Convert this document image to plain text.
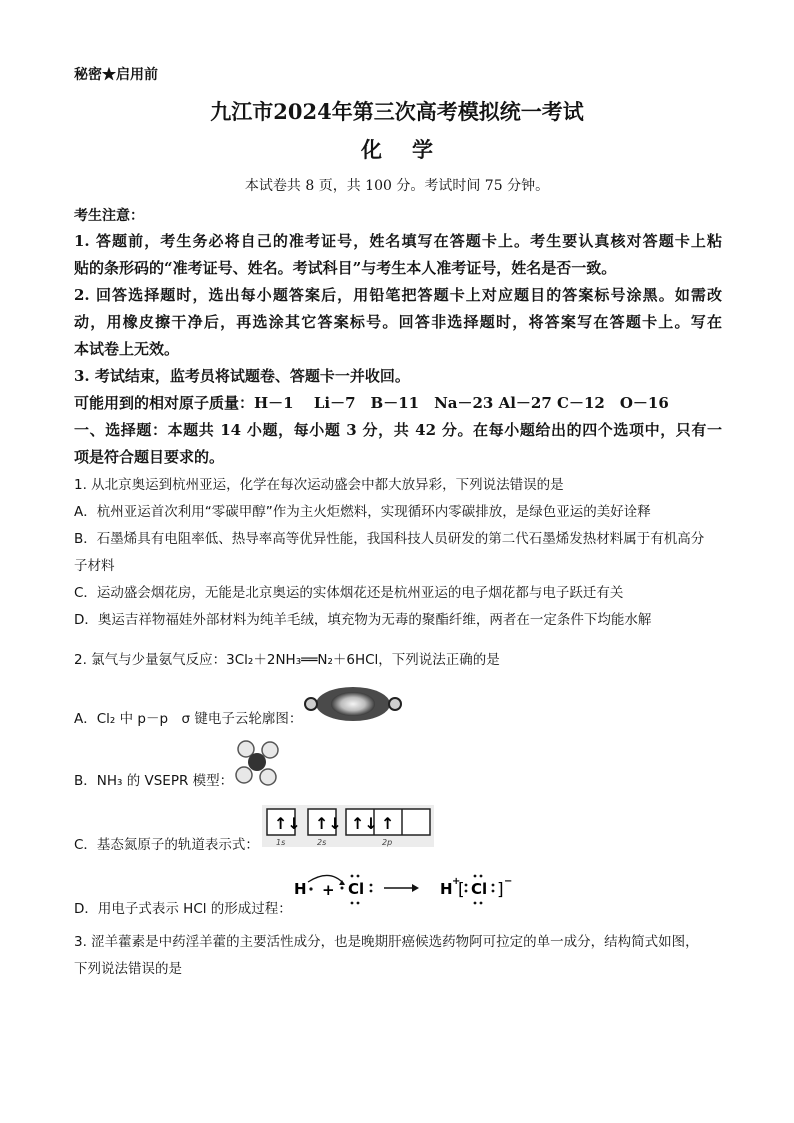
秘密★启用前
九江市2024年第三次高考模拟统一考试
化学
本试卷共 8 页，共 100 分。考试时间 75 分钟。
考生注意：
1. 答题前，考生务必将自己的准考证号，姓名填写在答题卡上。考生要认真核对答题卡上粘
贴的条形码的“准考证号、姓名。考试科目”与考生本人准考证号，姓名是否一致。
2. 回答选择题时，选出每小题答案后，用铅笔把答题卡上对应题目的答案标号涂黑。如需改
动，用橡皮擦干净后，再选涂其它答案标号。回答非选择题时，将答案写在答题卡上。写在
本试卷上无效。
3. 考试结束，监考员将试题卷、答题卡一并收回。
可能用到的相对原子质量：H－1　 Li－7　B－11　Na－23 Al－27 C－12　O－16
一、选择题：本题共 14 小题，每小题 3 分，共 42 分。在每小题给出的四个选项中，只有一
项是符合题目要求的。
1. 从北京奥运到杭州亚运，化学在每次运动盛会中都大放异彩，下列说法错误的是
A．杭州亚运首次利用“零碳甲醇”作为主火炬燃料，实现循环内零碳排放，是绿色亚运的美好诠释
B．石墨烯具有电阻率低、热导率高等优异性能，我国科技人员研发的第二代石墨烯发热材料属于有机高分
子材料
C．运动盛会烟花房，无能是北京奥运的实体烟花还是杭州亚运的电子烟花都与电子跃迁有关
D．奥运吉祥物福娃外部材料为纯羊毛绒，填充物为无毒的聚酯纤维，两者在一定条件下均能水解
2. 氯气与少量氨气反应：3Cl₂＋2NH₃══N₂＋6HCl，下列说法正确的是
A．Cl₂ 中 p－p　σ 键电子云轮廓图：
B．NH₃ 的 VSEPR 模型：
C．基态氮原子的轨道表示式：
↑↓ ↑↓ ↑↓ ↑
1s	2s	2p
D．用电子式表示 HCl 的形成过程：
H + Cl	H +
[ Cl ] −
3. 涩羊藿素是中药淫羊藿的主要活性成分，也是晚期肝癌候选药物阿可拉定的单一成分，结构简式如图，
下列说法错误的是
